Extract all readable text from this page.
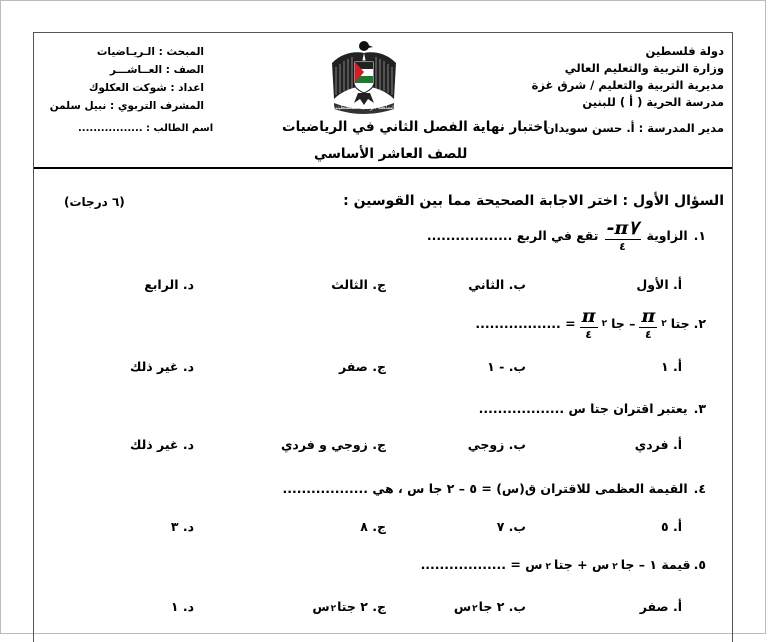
دولة فلسطين
وزارة التربية والتعليم العالي
مديرية التربية والتعليم / شرق غزة
مدرسة الحرية ( أ ) للبنين
مدير المدرسة : أ. حسن سويدان
المبحث : الـريـاضيات
الصف : العــاشـــر
اعداد : شوكت العكلوك
المشرف التربوي : نبيل سلمن
اسم الطالب : .................
السلطة الوطنية الفلسطينية
اختبار نهاية الفصل الثاني في الرياضيات
للصف العاشر الأساسي
السؤال الأول : اختر الاجابة الصحيحة مما بين القوسين :
(٦ درجات)
١.
الزاوية
$\frac{\pi ٧-}{٤}$
تقع في الربع ..................
أ. الأول
ب. الثاني
ج. الثالث
د. الرابع
٢.
جتا
٢
$\frac{\pi}{٤}$
– جا
٢
$\frac{\pi}{٤}$
= ..................
أ. ١
ب. - ١
ج. صفر
د. غير ذلك
٣.
يعتبر اقتران جتا س ..................
أ. فردي
ب. زوجي
ج. زوجي و فردي
د. غير ذلك
٤.
القيمة العظمى للاقتران ق(س) = ٥ – ٢ جا س ، هي ..................
أ. ٥
ب. ٧
ج. ٨
د. ٣
٥.
قيمة ١ – جا
٢
س + جتا
٢
س = ..................
أ. صفر
ب. ٢ جا
٢
س
ج. ٢ جتا
٢
س
د. ١
